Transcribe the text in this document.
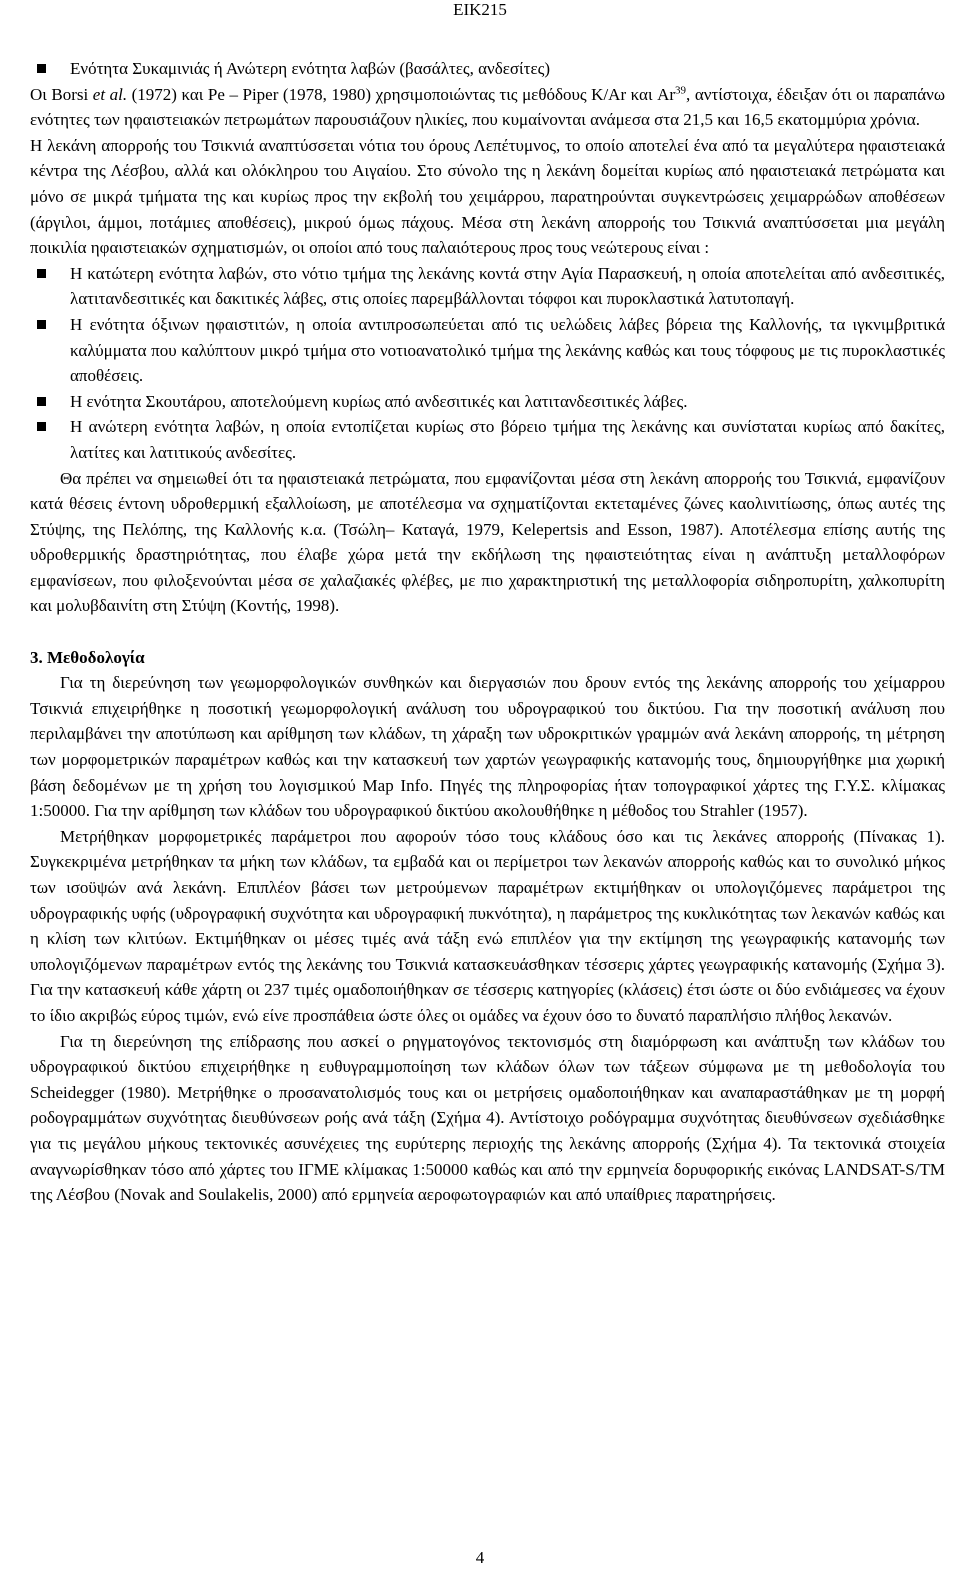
ΕΙΚ215
Ενότητα Συκαμινιάς ή Ανώτερη ενότητα λαβών (βασάλτες, ανδεσίτες)

Οι Borsi et al. (1972) και Pe – Piper (1978, 1980) χρησιμοποιώντας τις μεθόδους K/Ar και Ar$^{39}$, αντίστοιχα, έδειξαν ότι οι παραπάνω ενότητες των ηφαιστειακών πετρωμάτων παρουσιάζουν ηλικίες, που κυμαίνονται ανάμεσα στα 21,5 και 16,5 εκατομμύρια χρόνια.

Η λεκάνη απορροής του Τσικνιά αναπτύσσεται νότια του όρους Λεπέτυμνος, το οποίο αποτελεί ένα από τα μεγαλύτερα ηφαιστειακά κέντρα της Λέσβου, αλλά και ολόκληρου του Αιγαίου. Στο σύνολο της η λεκάνη δομείται κυρίως από ηφαιστειακά πετρώματα και μόνο σε μικρά τμήματα της και κυρίως προς την εκβολή του χειμάρρου, παρατηρούνται συγκεντρώσεις χειμαρρώδων αποθέσεων (άργιλοι, άμμοι, ποτάμιες αποθέσεις), μικρού όμως πάχους. Μέσα στη λεκάνη απορροής του Τσικνιά αναπτύσσεται μια μεγάλη ποικιλία ηφαιστειακών σχηματισμών, οι οποίοι από τους παλαιότερους προς τους νεώτερους είναι :

Η κατώτερη ενότητα λαβών, στο νότιο τμήμα της λεκάνης κοντά στην Αγία Παρασκευή, η οποία αποτελείται από ανδεσιτικές, λατιτανδεσιτικές και δακιτικές λάβες, στις οποίες παρεμβάλλονται τόφφοι και πυροκλαστικά λατυτοπαγή.
Η ενότητα όξινων ηφαιστιτών, η οποία αντιπροσωπεύεται από τις υελώδεις λάβες βόρεια της Καλλονής, τα ιγκνιμβριτικά καλύμματα που καλύπτουν μικρό τμήμα στο νοτιοανατολικό τμήμα της λεκάνης καθώς και τους τόφφους με τις πυροκλαστικές αποθέσεις.
Η ενότητα Σκουτάρου, αποτελούμενη κυρίως από ανδεσιτικές και λατιτανδεσιτικές λάβες.
Η ανώτερη ενότητα λαβών, η οποία εντοπίζεται κυρίως στο βόρειο τμήμα της λεκάνης και συνίσταται κυρίως από δακίτες, λατίτες και λατιτικούς ανδεσίτες.

Θα πρέπει να σημειωθεί ότι τα ηφαιστειακά πετρώματα, που εμφανίζονται μέσα στη λεκάνη απορροής του Τσικνιά, εμφανίζουν κατά θέσεις έντονη υδροθερμική εξαλλοίωση, με αποτέλεσμα να σχηματίζονται εκτεταμένες ζώνες καολινιτίωσης, όπως αυτές της Στύψης, της Πελόπης, της Καλλονής κ.α. (Τσώλη– Καταγά, 1979, Kelepertsis and Esson, 1987). Αποτέλεσμα επίσης αυτής της υδροθερμικής δραστηριότητας, που έλαβε χώρα μετά την εκδήλωση της ηφαιστειότητας είναι η ανάπτυξη μεταλλοφόρων εμφανίσεων, που φιλοξενούνται μέσα σε χαλαζιακές φλέβες, με πιο χαρακτηριστική της μεταλλοφορία σιδηροπυρίτη, χαλκοπυρίτη και μολυβδαινίτη στη Στύψη (Κοντής, 1998).

3. Μεθοδολογία

Για τη διερεύνηση των γεωμορφολογικών συνθηκών και διεργασιών που δρουν εντός της λεκάνης απορροής του χείμαρρου Τσικνιά επιχειρήθηκε η ποσοτική γεωμορφολογική ανάλυση του υδρογραφικού του δικτύου. Για την ποσοτική ανάλυση που περιλαμβάνει την αποτύπωση και αρίθμηση των κλάδων, τη χάραξη των υδροκριτικών γραμμών ανά λεκάνη απορροής, τη μέτρηση των μορφομετρικών παραμέτρων καθώς και την κατασκευή των χαρτών γεωγραφικής κατανομής τους, δημιουργήθηκε μια χωρική βάση δεδομένων με τη χρήση του λογισμικού Map Info. Πηγές της πληροφορίας ήταν τοπογραφικοί χάρτες της Γ.Υ.Σ. κλίμακας 1:50000. Για την αρίθμηση των κλάδων του υδρογραφικού δικτύου ακολουθήθηκε η μέθοδος του Strahler (1957).

Μετρήθηκαν μορφομετρικές παράμετροι που αφορούν τόσο τους κλάδους όσο και τις λεκάνες απορροής (Πίνακας 1). Συγκεκριμένα μετρήθηκαν τα μήκη των κλάδων, τα εμβαδά και οι περίμετροι των λεκανών απορροής καθώς και το συνολικό μήκος των ισοϋψών ανά λεκάνη. Επιπλέον βάσει των μετρούμενων παραμέτρων εκτιμήθηκαν οι υπολογιζόμενες παράμετροι της υδρογραφικής υφής (υδρογραφική συχνότητα και υδρογραφική πυκνότητα), η παράμετρος της κυκλικότητας των λεκανών καθώς και η κλίση των κλιτύων. Εκτιμήθηκαν οι μέσες τιμές ανά τάξη ενώ επιπλέον για την εκτίμηση της γεωγραφικής κατανομής των υπολογιζόμενων παραμέτρων εντός της λεκάνης του Τσικνιά κατασκευάσθηκαν τέσσερις χάρτες γεωγραφικής κατανομής (Σχήμα 3). Για την κατασκευή κάθε χάρτη οι 237 τιμές ομαδοποιήθηκαν σε τέσσερις κατηγορίες (κλάσεις) έτσι ώστε οι δύο ενδιάμεσες να έχουν το ίδιο ακριβώς εύρος τιμών, ενώ είνε προσπάθεια ώστε όλες οι ομάδες να έχουν όσο το δυνατό παραπλήσιο πλήθος λεκανών.

Για τη διερεύνηση της επίδρασης που ασκεί ο ρηγματογόνος τεκτονισμός στη διαμόρφωση και ανάπτυξη των κλάδων του υδρογραφικού δικτύου επιχειρήθηκε η ευθυγραμμοποίηση των κλάδων όλων των τάξεων σύμφωνα με τη μεθοδολογία του Scheidegger (1980). Μετρήθηκε ο προσανατολισμός τους και οι μετρήσεις ομαδοποιήθηκαν και αναπαραστάθηκαν με τη μορφή ροδογραμμάτων συχνότητας διευθύνσεων ροής ανά τάξη (Σχήμα 4). Αντίστοιχο ροδόγραμμα συχνότητας διευθύνσεων σχεδιάσθηκε για τις μεγάλου μήκους τεκτονικές ασυνέχειες της ευρύτερης περιοχής της λεκάνης απορροής (Σχήμα 4). Τα τεκτονικά στοιχεία αναγνωρίσθηκαν τόσο από χάρτες του ΙΓΜΕ κλίμακας 1:50000 καθώς και από την ερμηνεία δορυφορικής εικόνας LANDSAT-S/TM της Λέσβου (Novak and Soulakelis, 2000) από ερμηνεία αεροφωτογραφιών και από υπαίθριες παρατηρήσεις.

4
